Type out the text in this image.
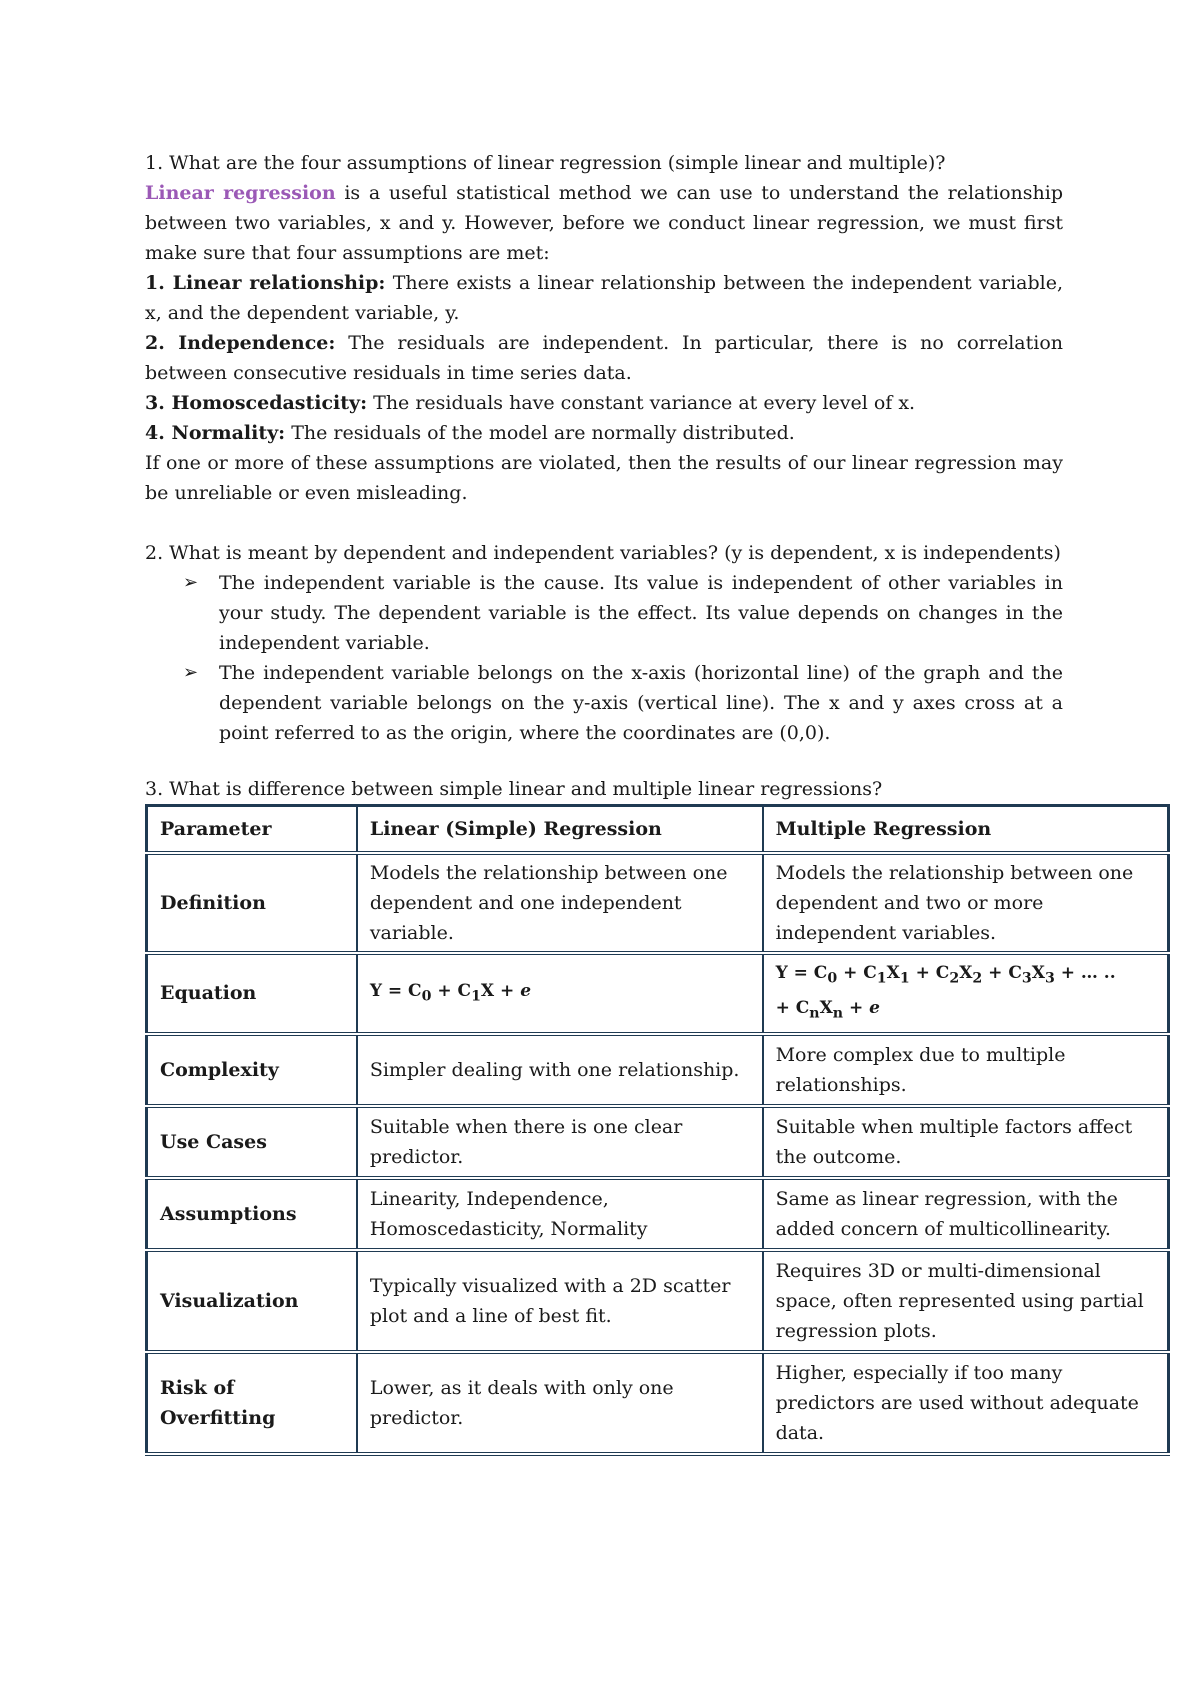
1. What are the four assumptions of linear regression (simple linear and multiple)?
Linear regression is a useful statistical method we can use to understand the relationship between two variables, x and y. However, before we conduct linear regression, we must first make sure that four assumptions are met:
1. Linear relationship: There exists a linear relationship between the independent variable, x, and the dependent variable, y.
2. Independence: The residuals are independent. In particular, there is no correlation between consecutive residuals in time series data.
3. Homoscedasticity: The residuals have constant variance at every level of x.
4. Normality: The residuals of the model are normally distributed.
If one or more of these assumptions are violated, then the results of our linear regression may be unreliable or even misleading.
2. What is meant by dependent and independent variables? (y is dependent, x is independents)
➢ The independent variable is the cause. Its value is independent of other variables in your study. The dependent variable is the effect. Its value depends on changes in the independent variable.
➢ The independent variable belongs on the x-axis (horizontal line) of the graph and the dependent variable belongs on the y-axis (vertical line). The x and y axes cross at a point referred to as the origin, where the coordinates are (0,0).
3. What is difference between simple linear and multiple linear regressions?
Parameter	Linear (Simple) Regression	Multiple Regression
Definition	Models the relationship between one dependent and one independent variable.	Models the relationship between one dependent and two or more independent variables.
Equation	$Y = C_0 + C_1X + e$	$Y = C_0 + C_1X_1 + C_2X_2 + C_3X_3$ + … ..
+ $C_nX_n + e$
Complexity	Simpler dealing with one relationship.	More complex due to multiple relationships.
Use Cases	Suitable when there is one clear predictor.	Suitable when multiple factors affect the outcome.
Assumptions	Linearity, Independence, Homoscedasticity, Normality	Same as linear regression, with the added concern of multicollinearity.
Visualization	Typically visualized with a 2D scatter plot and a line of best fit.	Requires 3D or multi-dimensional space, often represented using partial regression plots.
Risk of Overfitting	Lower, as it deals with only one predictor.	Higher, especially if too many predictors are used without adequate data.
